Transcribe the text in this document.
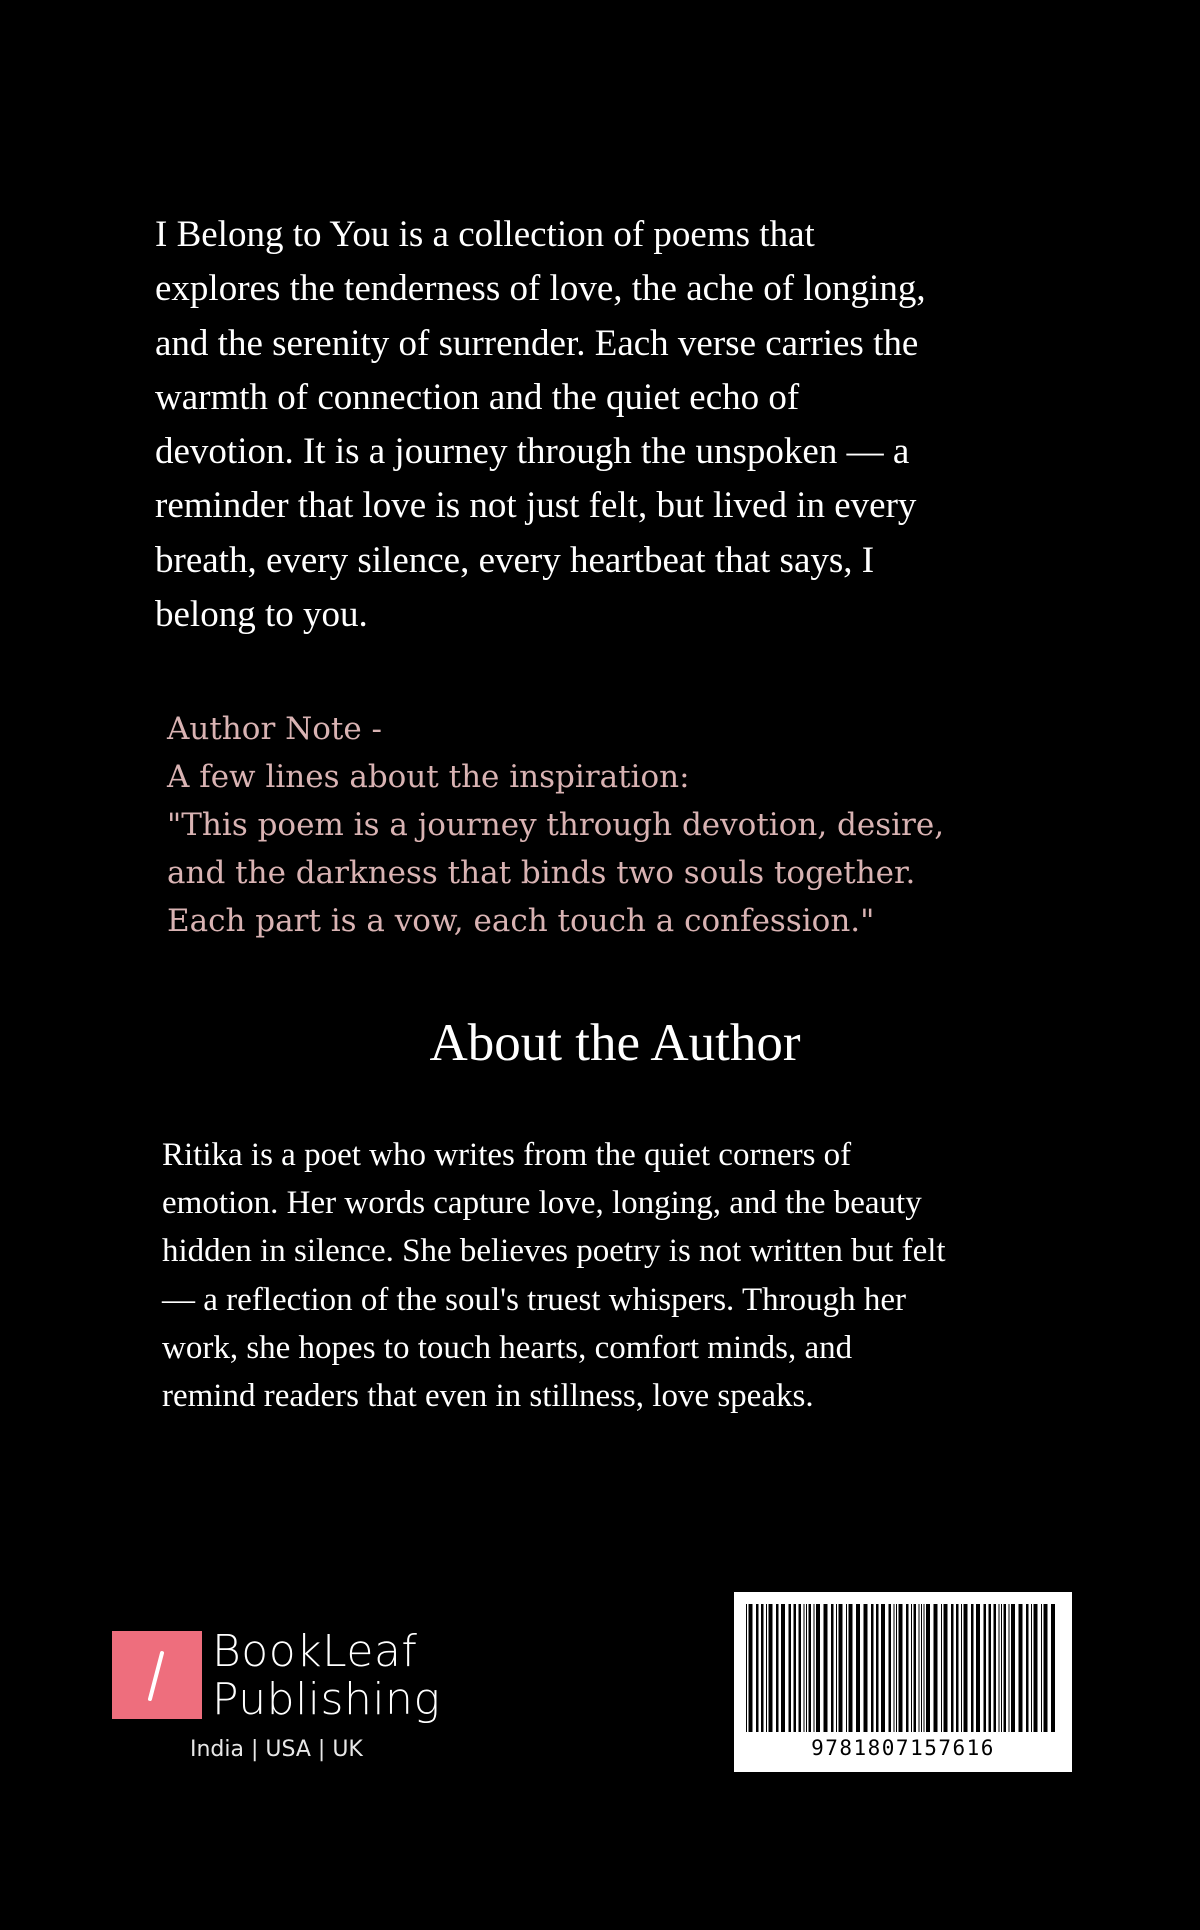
I Belong to You is a collection of poems that
explores the tenderness of love, the ache of longing,
and the serenity of surrender. Each verse carries the
warmth of connection and the quiet echo of
devotion. It is a journey through the unspoken — a
reminder that love is not just felt, but lived in every
breath, every silence, every heartbeat that says, I
belong to you.
Author Note -
A few lines about the inspiration:
"This poem is a journey through devotion, desire,
and the darkness that binds two souls together.
Each part is a vow, each touch a confession."
About the Author
Ritika is a poet who writes from the quiet corners of
emotion. Her words capture love, longing, and the beauty
hidden in silence. She believes poetry is not written but felt
— a reflection of the soul's truest whispers. Through her
work, she hopes to touch hearts, comfort minds, and
remind readers that even in stillness, love speaks.
BookLeaf
Publishing
India | USA | UK	9781807157616
